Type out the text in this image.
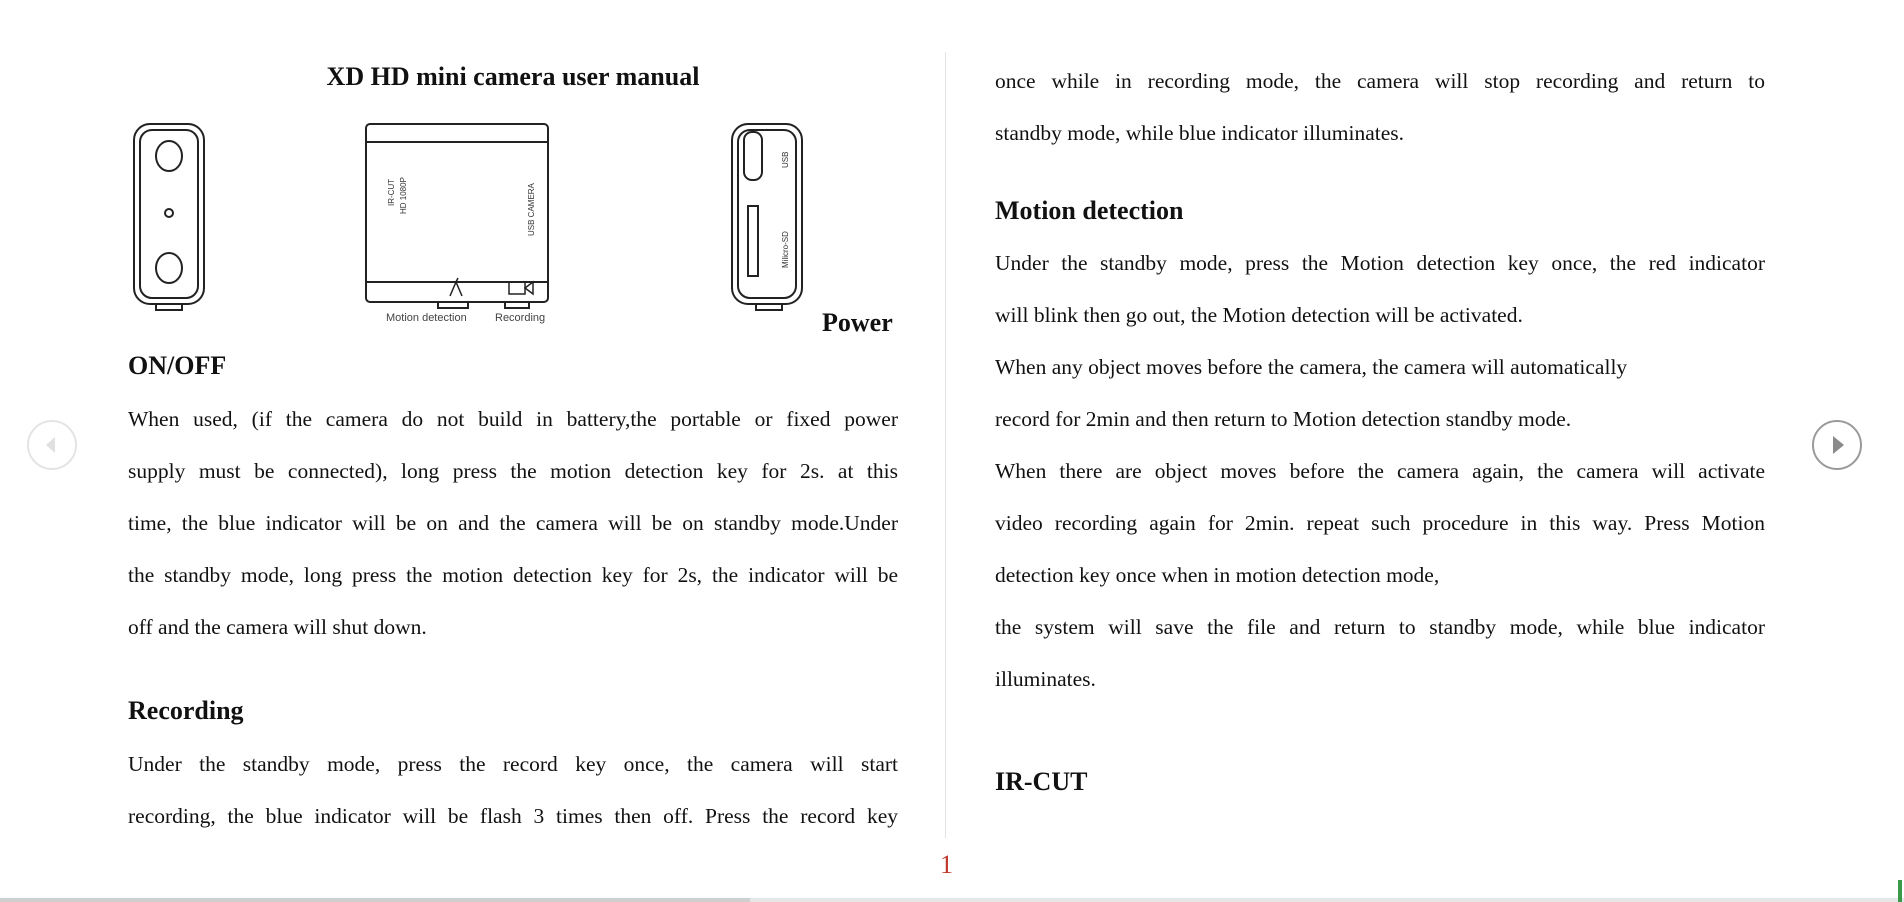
XD HD mini camera user manual
IR-CUT HD 1080P	USB CAMERA
Motion detection	Recording
USB
Milicro-SD
Power
ON/OFF
When used, (if the camera do not build in battery,the portable or fixed power
supply must be connected), long press the motion detection key for 2s. at this
time, the blue indicator will be on and the camera will be on standby mode.Under
the standby mode, long press the motion detection key for 2s, the indicator will be
off and the camera will shut down.
Recording
Under the standby mode, press the record key once, the camera will start
recording, the blue indicator will be flash 3 times then off. Press the record key
once while in recording mode, the camera will stop recording and return to
standby mode, while blue indicator illuminates.
Motion detection
Under the standby mode, press the Motion detection key once, the red indicator
will blink then go out, the Motion detection will be activated.
When any object moves before the camera, the camera will automatically
record for 2min and then return to Motion detection standby mode.
When there are object moves before the camera again, the camera will activate
video recording again for 2min. repeat such procedure in this way. Press Motion
detection key once when in motion detection mode,
the system will save the file and return to standby mode, while blue indicator
illuminates.
IR-CUT
1
